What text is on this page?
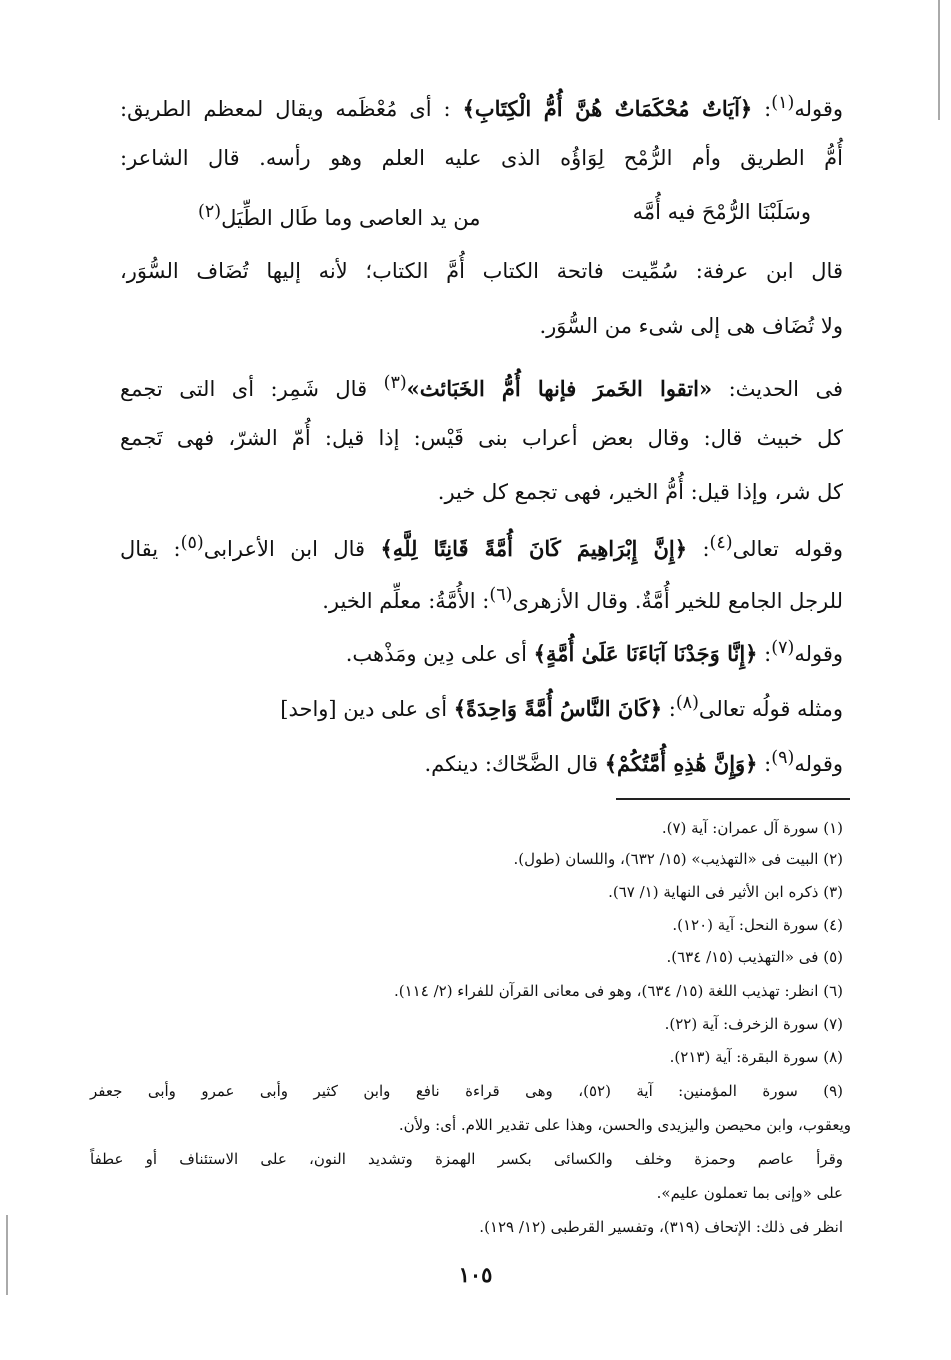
وقوله$^{(١)}$: ﴿آيَاتٌ مُحْكَمَاتٌ هُنَّ أُمُّ الْكِتَابِ﴾ : أى مُعْظَمه ويقال لمعظم الطريق:
أُمُّ الطريق وأم الرُّمْح لِوَاؤُه الذى عليه العلم وهو رأسه. قال الشاعر:
وسَلَبْنَا الرُّمْحَ فيه أُمَّه
من يد العاصى وما طَال الطِّيَل$^{(٢)}$
قال ابن عرفة: سُمِّيت فاتحة الكتاب أُمَّ الكتاب؛ لأنه إليها تُضَاف السُّوَر،
ولا تُضَاف هى إلى شىء من السُّوَر.
فى الحديث: «اتقوا الخَمرَ فإنها أُمُّ الخَبَائث»$^{(٣)}$ قال شَمِر: أى التى تجمع
كل خبيث قال: وقال بعض أعراب بنى قَيْس: إذا قيل: أُمّ الشرّ، فهى تَجمع
كل شر، وإذا قيل: أُمُّ الخير، فهى تجمع كل خير.
وقوله تعالى$^{(٤)}$: ﴿إِنَّ إِبْرَاهِيمَ كَانَ أُمَّةً قَانِتًا لِلَّهِ﴾ قال ابن الأعرابى$^{(٥)}$: يقال
للرجل الجامع للخير أُمَّةٌ. وقال الأزهرى$^{(٦)}$: الأُمَّةُ: معلِّم الخير.
وقوله$^{(٧)}$: ﴿إِنَّا وَجَدْنَا آبَاءَنَا عَلَىٰ أُمَّةٍ﴾ أى على دِين ومَذْهب.
ومثله قولُه تعالى$^{(٨)}$: ﴿كَانَ النَّاسُ أُمَّةً وَاحِدَةً﴾ أى على دين [واحد]
وقوله$^{(٩)}$: ﴿وَإِنَّ هَٰذِهِ أُمَّتُكُمْ﴾ قال الضَّحّاك: دينكم.
(١) سورة آل عمران: آية (٧).
(٢) البيت فى «التهذيب» (١٥/ ٦٣٢)، واللسان (طول).
(٣) ذكره ابن الأثير فى النهاية (١/ ٦٧).
(٤) سورة النحل: آية (١٢٠).
(٥) فى «التهذيب (١٥/ ٦٣٤).
(٦) انظر: تهذيب اللغة (١٥/ ٦٣٤)، وهو فى معانى القرآن للفراء (٢/ ١١٤).
(٧) سورة الزخرف: آية (٢٢).
(٨) سورة البقرة: آية (٢١٣).
(٩) سورة المؤمنين: آية (٥٢)، وهى قراءة نافع وابن كثير وأبى عمرو وأبى جعفر
ويعقوب، وابن محيصن واليزيدى والحسن، وهذا على تقدير اللام. أى: ولأن.
وقرأ عاصم وحمزة وخلف والكسائى بكسر الهمزة وتشديد النون، على الاستئناف أو عطفاً
على «وإنى بما تعملون عليم».
انظر فى ذلك: الإتحاف (٣١٩)، وتفسير القرطبى (١٢/ ١٢٩).
١٠٥
